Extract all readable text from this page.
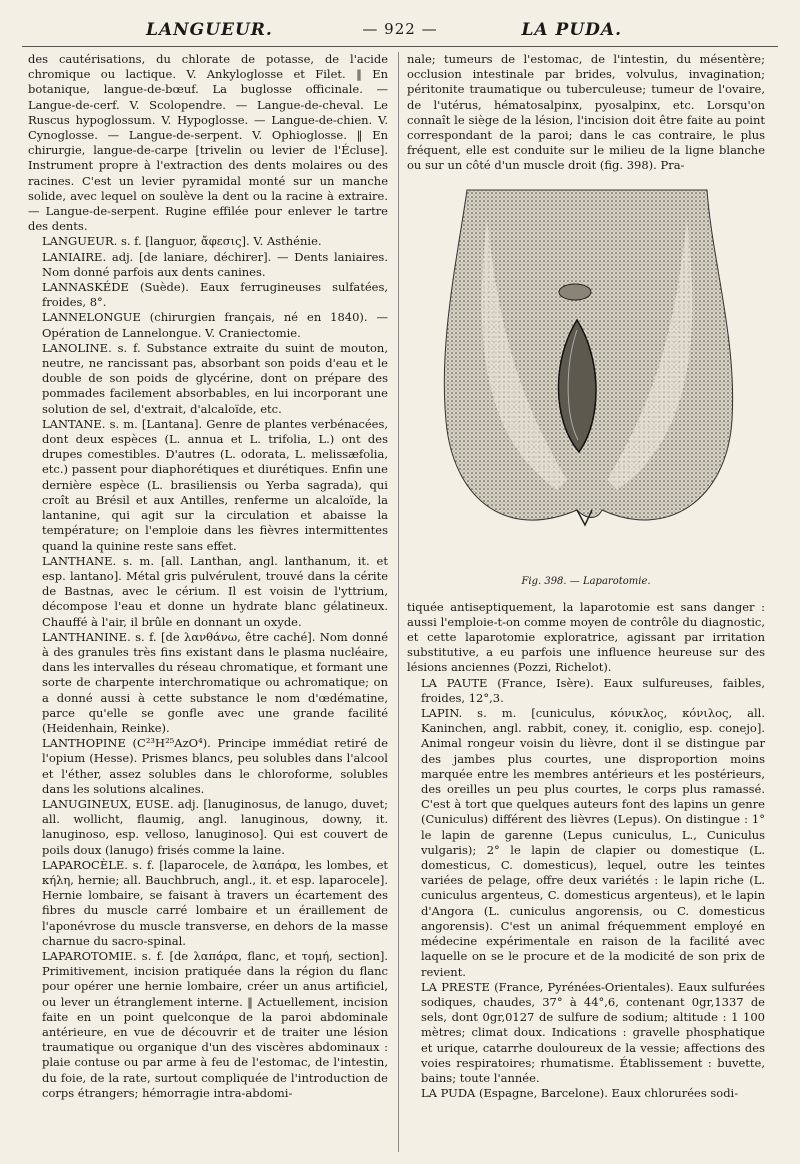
LANGUEUR.	— 922 —	LA PUDA.

des cautérisations, du chlorate de potasse, de l'acide chromique ou lactique. V. Ankyloglosse et Filet. ‖ En botanique, langue-de-bœuf. La buglosse officinale. — Langue-de-cerf. V. Scolopendre. — Langue-de-cheval. Le Ruscus hypoglossum. V. Hypoglosse. — Langue-de-chien. V. Cynoglosse. — Langue-de-serpent. V. Ophioglosse. ‖ En chirurgie, langue-de-carpe [trivelin ou levier de l'Écluse]. Instrument propre à l'extraction des dents molaires ou des racines. C'est un levier pyramidal monté sur un manche solide, avec lequel on soulève la dent ou la racine à extraire. — Langue-de-serpent. Rugine effilée pour enlever le tartre des dents.

LANGUEUR. s. f. [languor, ἄφεσις]. V. Asthénie.

LANIAIRE. adj. [de laniare, déchirer]. — Dents laniaires. Nom donné parfois aux dents canines.

LANNASKÉDE (Suède). Eaux ferrugineuses sulfatées, froides, 8°.

LANNELONGUE (chirurgien français, né en 1840). — Opération de Lannelongue. V. Craniectomie.

LANOLINE. s. f. Substance extraite du suint de mouton, neutre, ne rancissant pas, absorbant son poids d'eau et le double de son poids de glycérine, dont on prépare des pommades facilement absorbables, en lui incorporant une solution de sel, d'extrait, d'alcaloïde, etc.

LANTANE. s. m. [Lantana]. Genre de plantes verbénacées, dont deux espèces (L. annua et L. trifolia, L.) ont des drupes comestibles. D'autres (L. odorata, L. melissæfolia, etc.) passent pour diaphorétiques et diurétiques. Enfin une dernière espèce (L. brasiliensis ou Yerba sagrada), qui croît au Brésil et aux Antilles, renferme un alcaloïde, la lantanine, qui agit sur la circulation et abaisse la température; on l'emploie dans les fièvres intermittentes quand la quinine reste sans effet.

LANTHANE. s. m. [all. Lanthan, angl. lanthanum, it. et esp. lantano]. Métal gris pulvérulent, trouvé dans la cérite de Bastnas, avec le cérium. Il est voisin de l'yttrium, décompose l'eau et donne un hydrate blanc gélatineux. Chauffé à l'air, il brûle en donnant un oxyde.

LANTHANINE. s. f. [de λανθάνω, être caché]. Nom donné à des granules très fins existant dans le plasma nucléaire, dans les intervalles du réseau chromatique, et formant une sorte de charpente interchromatique ou achromatique; on a donné aussi à cette substance le nom d'œdématine, parce qu'elle se gonfle avec une grande facilité (Heidenhain, Reinke).

LANTHOPINE (C²³H²⁵AzO⁴). Principe immédiat retiré de l'opium (Hesse). Prismes blancs, peu solubles dans l'alcool et l'éther, assez solubles dans le chloroforme, solubles dans les solutions alcalines.

LANUGINEUX, EUSE. adj. [lanuginosus, de lanugo, duvet; all. wollicht, flaumig, angl. lanuginous, downy, it. lanuginoso, esp. velloso, lanuginoso]. Qui est couvert de poils doux (lanugo) frisés comme la laine.

LAPAROCÈLE. s. f. [laparocele, de λαπάρα, les lombes, et κήλη, hernie; all. Bauchbruch, angl., it. et esp. laparocele]. Hernie lombaire, se faisant à travers un écartement des fibres du muscle carré lombaire et un éraillement de l'aponévrose du muscle transverse, en dehors de la masse charnue du sacro-spinal.

LAPAROTOMIE. s. f. [de λαπάρα, flanc, et τομή, section]. Primitivement, incision pratiquée dans la région du flanc pour opérer une hernie lombaire, créer un anus artificiel, ou lever un étranglement interne. ‖ Actuellement, incision faite en un point quelconque de la paroi abdominale antérieure, en vue de découvrir et de traiter une lésion traumatique ou organique d'un des viscères abdominaux : plaie contuse ou par arme à feu de l'estomac, de l'intestin, du foie, de la rate, surtout compliquée de l'introduction de corps étrangers; hémorragie intra-abdomi-

nale; tumeurs de l'estomac, de l'intestin, du mésentère; occlusion intestinale par brides, volvulus, invagination; péritonite traumatique ou tuberculeuse; tumeur de l'ovaire, de l'utérus, hématosalpinx, pyosalpinx, etc. Lorsqu'on connaît le siège de la lésion, l'incision doit être faite au point correspondant de la paroi; dans le cas contraire, le plus fréquent, elle est conduite sur le milieu de la ligne blanche ou sur un côté d'un muscle droit (fig. 398). Pra-

Fig. 398. — Laparotomie.

tiquée antiseptiquement, la laparotomie est sans danger : aussi l'emploie-t-on comme moyen de contrôle du diagnostic, et cette laparotomie exploratrice, agissant par irritation substitutive, a eu parfois une influence heureuse sur des lésions anciennes (Pozzi, Richelot).

LA PAUTE (France, Isère). Eaux sulfureuses, faibles, froides, 12°,3.

LAPIN. s. m. [cuniculus, κόνικλος, κόνιλος, all. Kaninchen, angl. rabbit, coney, it. coniglio, esp. conejo]. Animal rongeur voisin du lièvre, dont il se distingue par des jambes plus courtes, une disproportion moins marquée entre les membres antérieurs et les postérieurs, des oreilles un peu plus courtes, le corps plus ramassé. C'est à tort que quelques auteurs font des lapins un genre (Cuniculus) différent des lièvres (Lepus). On distingue : 1° le lapin de garenne (Lepus cuniculus, L., Cuniculus vulgaris); 2° le lapin de clapier ou domestique (L. domesticus, C. domesticus), lequel, outre les teintes variées de pelage, offre deux variétés : le lapin riche (L. cuniculus argenteus, C. domesticus argenteus), et le lapin d'Angora (L. cuniculus angorensis, ou C. domesticus angorensis). C'est un animal fréquemment employé en médecine expérimentale en raison de la facilité avec laquelle on se le procure et de la modicité de son prix de revient.

LA PRESTE (France, Pyrénées-Orientales). Eaux sulfurées sodiques, chaudes, 37° à 44°,6, contenant 0gr,1337 de sels, dont 0gr,0127 de sulfure de sodium; altitude : 1 100 mètres; climat doux. Indications : gravelle phosphatique et urique, catarrhe douloureux de la vessie; affections des voies respiratoires; rhumatisme. Établissement : buvette, bains; toute l'année.

LA PUDA (Espagne, Barcelone). Eaux chlorurées sodi-
